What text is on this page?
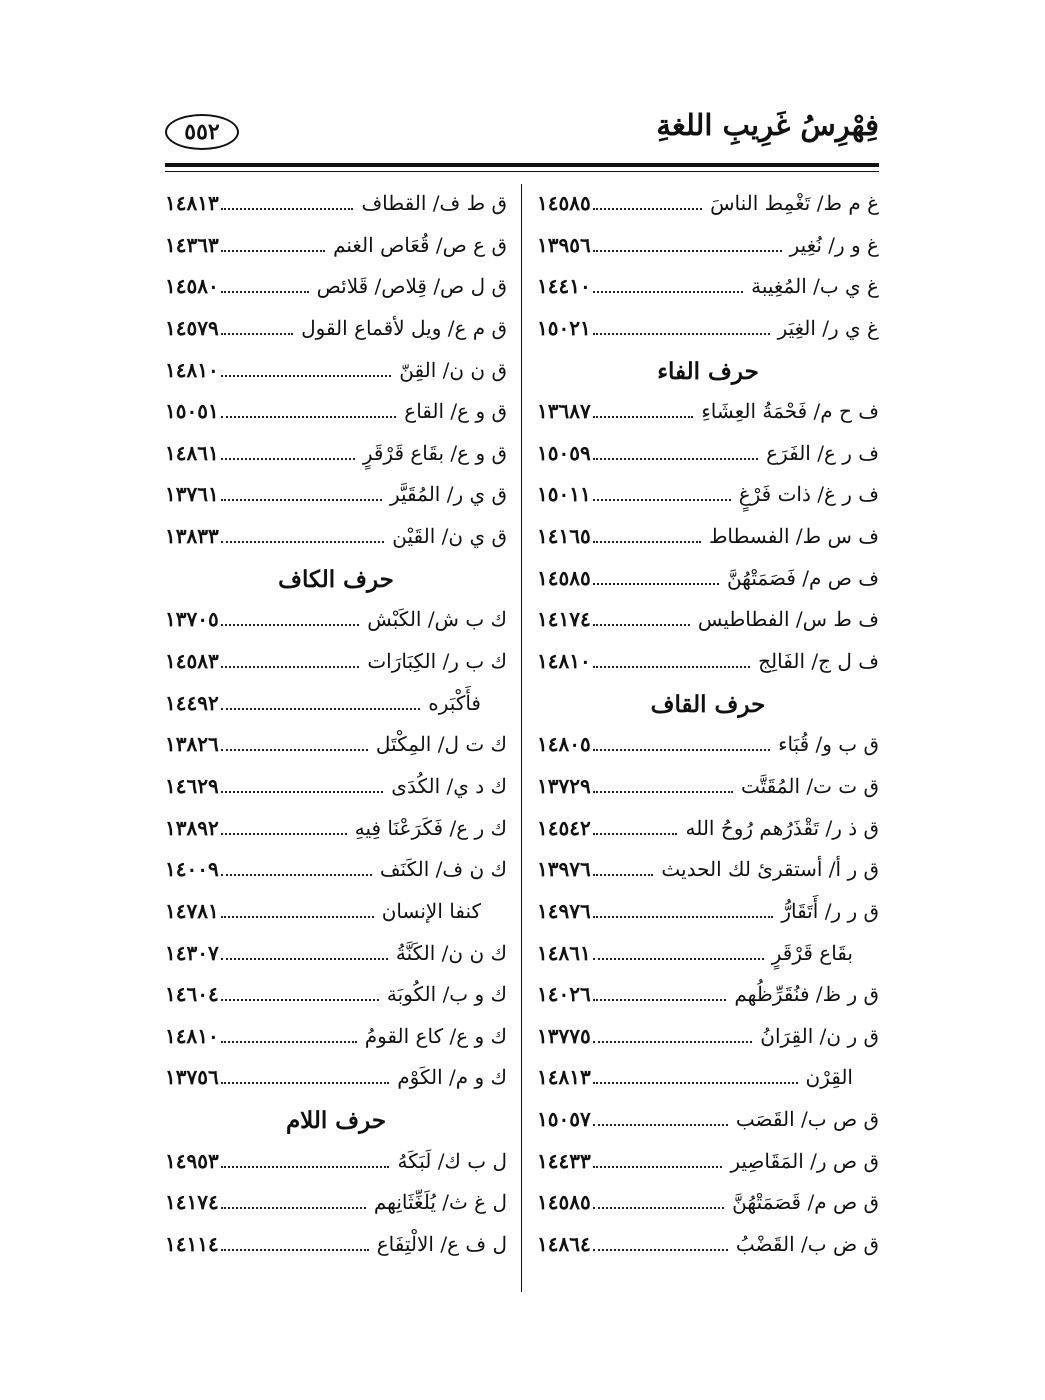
فِهْرِسُ غَرِيبِ اللغةِ
٥٥٢
غ م ط/ تَغْمِط الناسَ
١٤٥٨٥
غ و ر/ نُغِير
١٣٩٥٦
غ ي ب/ المُغِيبة
١٤٤١٠
غ ي ر/ الغِيَر
١٥٠٢١
حرف الفاء
ف ح م/ فَحْمَةُ العِشَاءِ
١٣٦٨٧
ف ر ع/ الفَرَع
١٥٠٥٩
ف ر غ/ ذات فَرْغٍ
١٥٠١١
ف س ط/ الفسطاط
١٤١٦٥
ف ص م/ فَصَمَتْهُنَّ
١٤٥٨٥
ف ط س/ الفطاطيس
١٤١٧٤
ف ل ج/ الفَالِج
١٤٨١٠
حرف القاف
ق ب و/ قُبَاء
١٤٨٠٥
ق ت ت/ المُقَتَّت
١٣٧٢٩
ق ذ ر/ تَقْذَرُهم رُوحُ الله
١٤٥٤٢
ق ر أ/ أستقرئ لك الحديث
١٣٩٧٦
ق ر ر/ أَتَقَارُّ
١٤٩٧٦
بقَاع قَرْقَرٍ
١٤٨٦١
ق ر ظ/ فنُقَرِّظُهم
١٤٠٢٦
ق ر ن/ القِرَانُ
١٣٧٧٥
القِرْن
١٤٨١٣
ق ص ب/ القَصَب
١٥٠٥٧
ق ص ر/ المَقَاصِير
١٤٤٣٣
ق ص م/ قَصَمَتْهُنَّ
١٤٥٨٥
ق ض ب/ القَضْبُ
١٤٨٦٤
ق ط ف/ القطاف
١٤٨١٣
ق ع ص/ قُعَاص الغنم
١٤٣٦٣
ق ل ص/ قِلاص/ قَلائص
١٤٥٨٠
ق م ع/ ويل لأقماع القول
١٤٥٧٩
ق ن ن/ القِنّ
١٤٨١٠
ق و ع/ القاع
١٥٠٥١
ق و ع/ بقَاع قَرْقَرٍ
١٤٨٦١
ق ي ر/ المُقَيَّر
١٣٧٦١
ق ي ن/ القَيْن
١٣٨٣٣
حرف الكاف
ك ب ش/ الكَبْش
١٣٧٠٥
ك ب ر/ الكِبَارَات
١٤٥٨٣
فأَكْبَره
١٤٤٩٢
ك ت ل/ المِكْتَل
١٣٨٢٦
ك د ي/ الكُدَى
١٤٦٢٩
ك ر ع/ فَكَرَعْنَا فِيهِ
١٣٨٩٢
ك ن ف/ الكَنَف
١٤٠٠٩
كنفا الإنسان
١٤٧٨١
ك ن ن/ الكَنَّةُ
١٤٣٠٧
ك و ب/ الكُوبَة
١٤٦٠٤
ك و ع/ كاع القومُ
١٤٨١٠
ك و م/ الكَوْم
١٣٧٥٦
حرف اللام
ل ب ك/ لَبَكَهُ
١٤٩٥٣
ل غ ث/ يُلَغِّثَانِهم
١٤١٧٤
ل ف ع/ الالْتِفَاع
١٤١١٤
